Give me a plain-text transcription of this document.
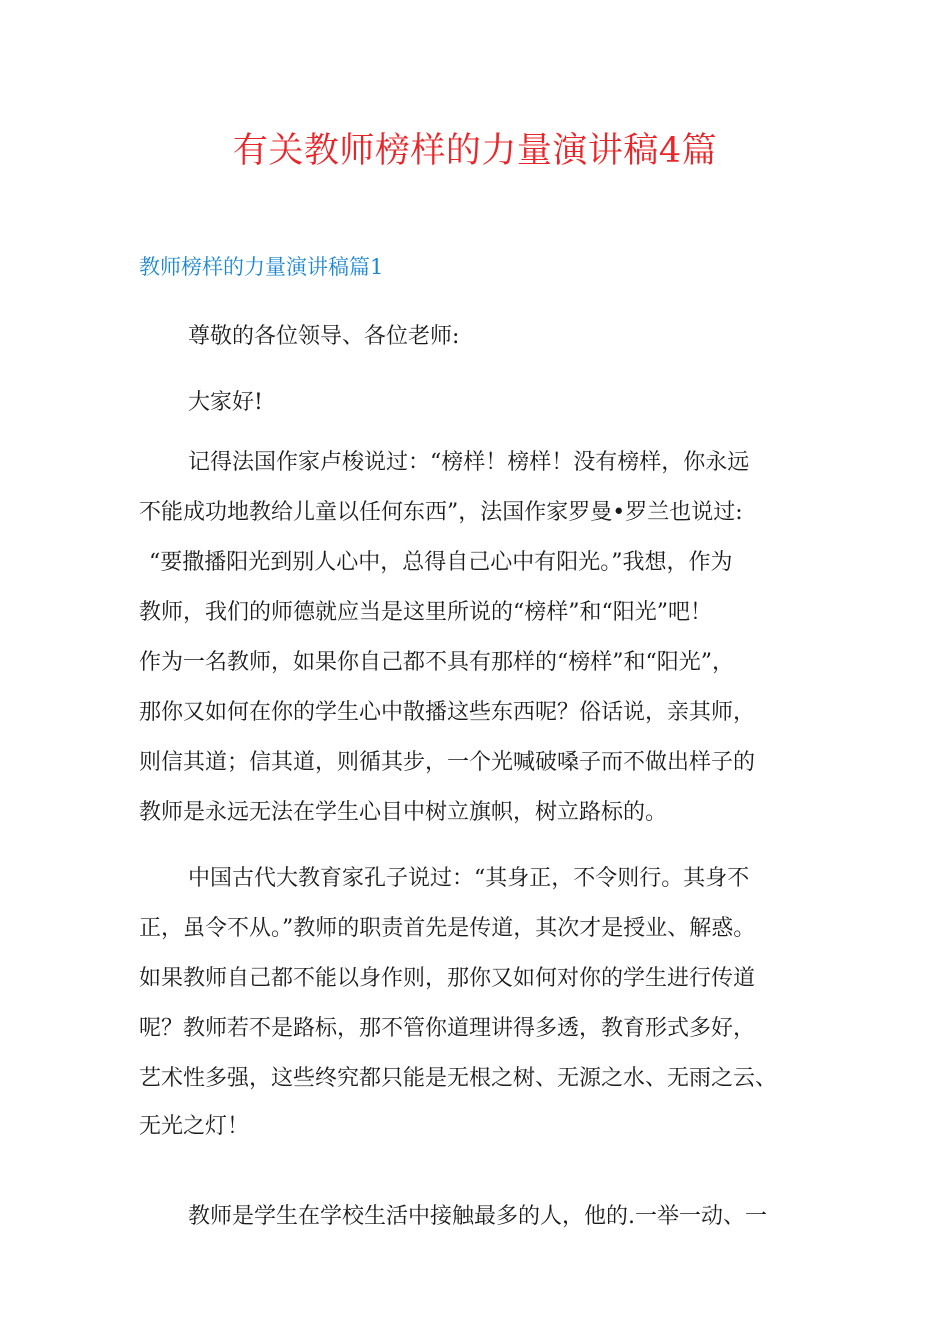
有关教师榜样的力量演讲稿4篇
教师榜样的力量演讲稿篇1
尊敬的各位领导、各位老师:
大家好!
记得法国作家卢梭说过：“榜样！榜样！没有榜样，你永远
不能成功地教给儿童以任何东西”，法国作家罗曼•罗兰也说过:
“要撒播阳光到别人心中，总得自己心中有阳光。”我想，作为
教师，我们的师德就应当是这里所说的“榜样”和“阳光”吧！
作为一名教师，如果你自己都不具有那样的“榜样”和“阳光”，
那你又如何在你的学生心中散播这些东西呢？俗话说，亲其师，
则信其道；信其道，则循其步，一个光喊破嗓子而不做出样子的
教师是永远无法在学生心目中树立旗帜，树立路标的。
中国古代大教育家孔子说过：“其身正，不令则行。其身不
正，虽令不从。”教师的职责首先是传道，其次才是授业、解惑。
如果教师自己都不能以身作则，那你又如何对你的学生进行传道
呢？教师若不是路标，那不管你道理讲得多透，教育形式多好，
艺术性多强，这些终究都只能是无根之树、无源之水、无雨之云、
无光之灯！
教师是学生在学校生活中接触最多的人，他的.一举一动、一
